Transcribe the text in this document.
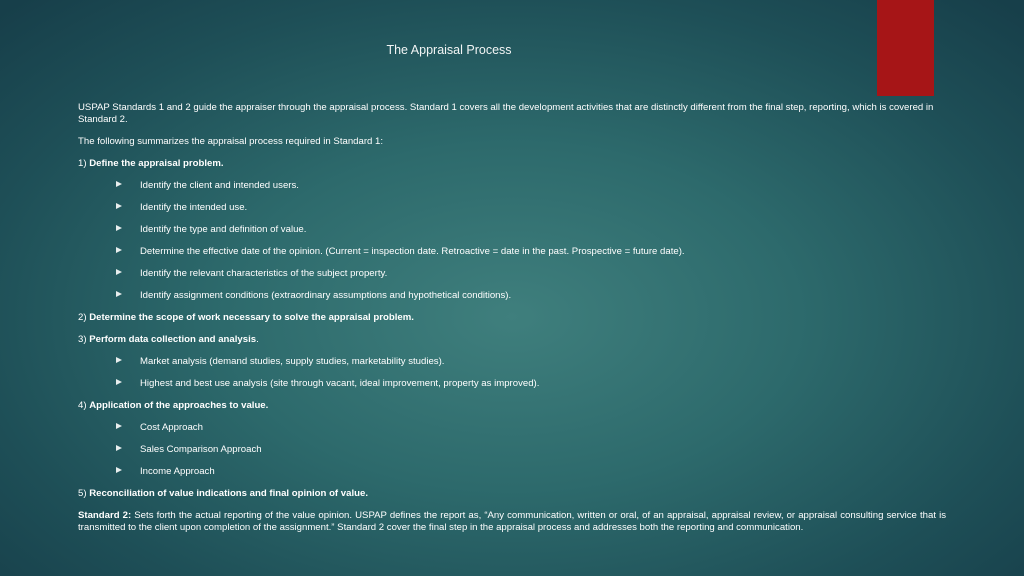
The Appraisal Process

USPAP Standards 1 and 2 guide the appraiser through the appraisal process. Standard 1 covers all the development activities that are distinctly different from the final step, reporting, which is covered in Standard 2.

The following summarizes the appraisal process required in Standard 1:

1) Define the appraisal problem.

Identify the client and intended users.
Identify the intended use.
Identify the type and definition of value.
Determine the effective date of the opinion. (Current = inspection date. Retroactive = date in the past. Prospective = future date).
Identify the relevant characteristics of the subject property.
Identify assignment conditions (extraordinary assumptions and hypothetical conditions).

2) Determine the scope of work necessary to solve the appraisal problem.

3) Perform data collection and analysis.

Market analysis (demand studies, supply studies, marketability studies).
Highest and best use analysis (site through vacant, ideal improvement, property as improved).

4) Application of the approaches to value.

Cost Approach
Sales Comparison Approach
Income Approach

5) Reconciliation of value indications and final opinion of value.

Standard 2: Sets forth the actual reporting of the value opinion. USPAP defines the report as, “Any communication, written or oral, of an appraisal, appraisal review, or appraisal consulting service that is transmitted to the client upon completion of the assignment.” Standard 2 cover the final step in the appraisal process and addresses both the reporting and communication.
